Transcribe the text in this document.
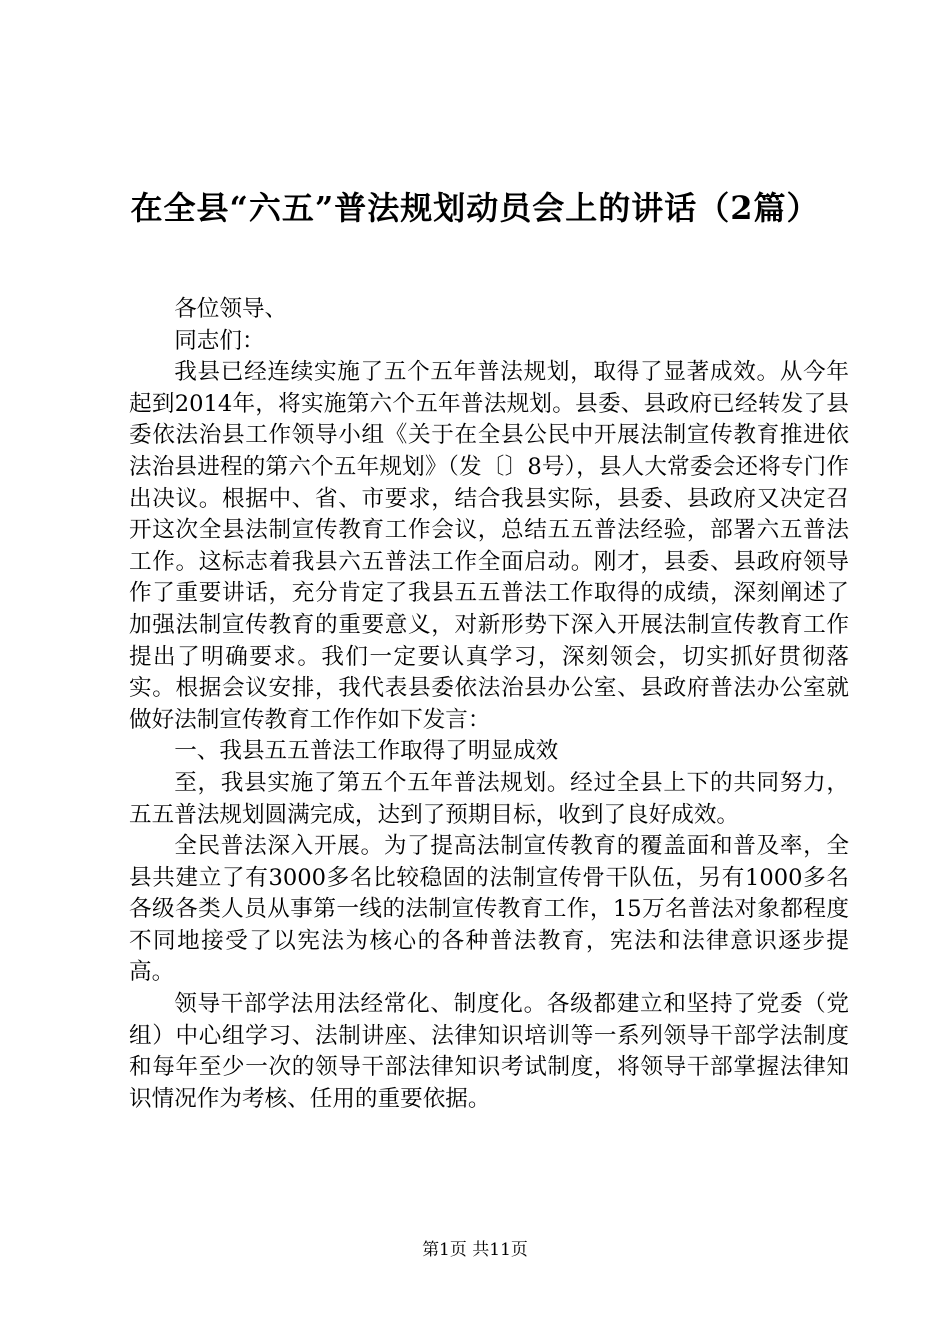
在全县“六五”普法规划动员会上的讲话（2篇）

各位领导、

同志们：

我县已经连续实施了五个五年普法规划，取得了显著成效。从今年起到2014年，将实施第六个五年普法规划。县委、县政府已经转发了县委依法治县工作领导小组《关于在全县公民中开展法制宣传教育推进依法治县进程的第六个五年规划》（发〔〕8号），县人大常委会还将专门作出决议。根据中、省、市要求，结合我县实际，县委、县政府又决定召开这次全县法制宣传教育工作会议，总结五五普法经验，部署六五普法工作。这标志着我县六五普法工作全面启动。刚才，县委、县政府领导作了重要讲话，充分肯定了我县五五普法工作取得的成绩，深刻阐述了加强法制宣传教育的重要意义，对新形势下深入开展法制宣传教育工作提出了明确要求。我们一定要认真学习，深刻领会，切实抓好贯彻落实。根据会议安排，我代表县委依法治县办公室、县政府普法办公室就做好法制宣传教育工作作如下发言：

一、我县五五普法工作取得了明显成效

至，我县实施了第五个五年普法规划。经过全县上下的共同努力，五五普法规划圆满完成，达到了预期目标，收到了良好成效。

全民普法深入开展。为了提高法制宣传教育的覆盖面和普及率，全县共建立了有3000多名比较稳固的法制宣传骨干队伍，另有1000多名各级各类人员从事第一线的法制宣传教育工作，15万名普法对象都程度不同地接受了以宪法为核心的各种普法教育，宪法和法律意识逐步提高。

领导干部学法用法经常化、制度化。各级都建立和坚持了党委（党组）中心组学习、法制讲座、法律知识培训等一系列领导干部学法制度和每年至少一次的领导干部法律知识考试制度，将领导干部掌握法律知识情况作为考核、任用的重要依据。

第1页 共11页
